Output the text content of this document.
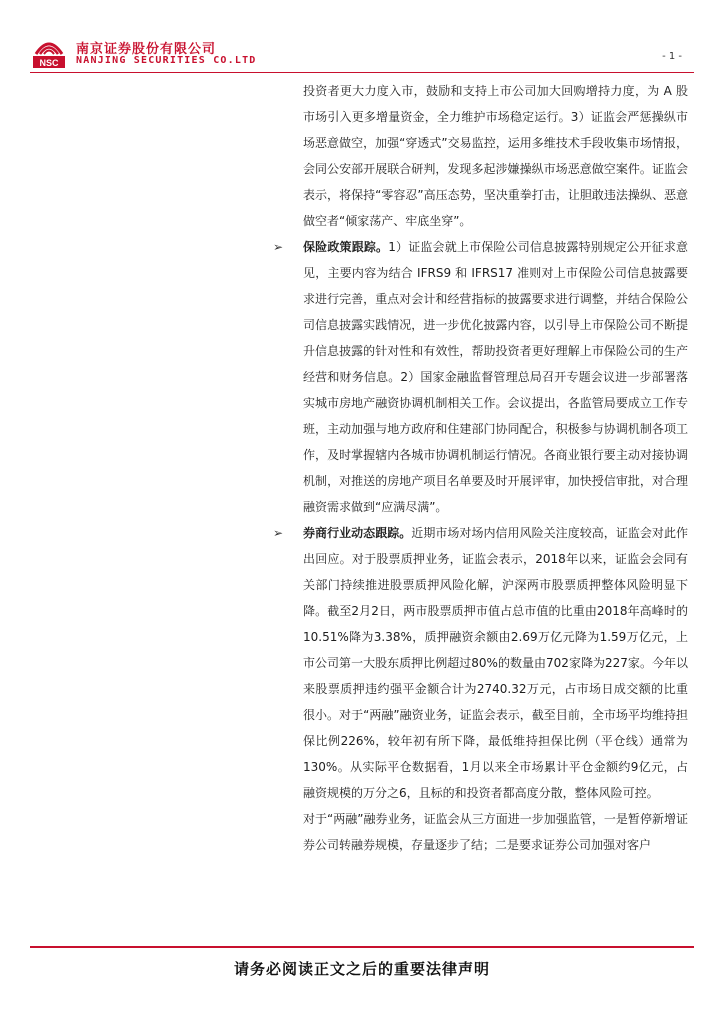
NSC
南京证券股份有限公司
NANJING SECURITIES CO.LTD	- 1 -

投资者更大力度入市，鼓励和支持上市公司加大回购增持力度，为 A 股市场引入更多增量资金，全力维护市场稳定运行。3）证监会严惩操纵市场恶意做空，加强“穿透式”交易监控，运用多维技术手段收集市场情报，会同公安部开展联合研判，发现多起涉嫌操纵市场恶意做空案件。证监会表示，将保持“零容忍”高压态势，坚决重拳打击，让胆敢违法操纵、恶意做空者“倾家荡产、牢底坐穿”。

➢	保险政策跟踪。1）证监会就上市保险公司信息披露特别规定公开征求意见，主要内容为结合 IFRS9 和 IFRS17 准则对上市保险公司信息披露要求进行完善，重点对会计和经营指标的披露要求进行调整，并结合保险公司信息披露实践情况，进一步优化披露内容，以引导上市保险公司不断提升信息披露的针对性和有效性，帮助投资者更好理解上市保险公司的生产经营和财务信息。2）国家金融监督管理总局召开专题会议进一步部署落实城市房地产融资协调机制相关工作。会议提出，各监管局要成立工作专班，主动加强与地方政府和住建部门协同配合，积极参与协调机制各项工作，及时掌握辖内各城市协调机制运行情况。各商业银行要主动对接协调机制，对推送的房地产项目名单要及时开展评审，加快授信审批，对合理融资需求做到“应满尽满”。

➢	券商行业动态跟踪。近期市场对场内信用风险关注度较高，证监会对此作出回应。对于股票质押业务，证监会表示，2018年以来，证监会会同有关部门持续推进股票质押风险化解，沪深两市股票质押整体风险明显下降。截至2月2日，两市股票质押市值占总市值的比重由2018年高峰时的10.51%降为3.38%，质押融资余额由2.69万亿元降为1.59万亿元，上市公司第一大股东质押比例超过80%的数量由702家降为227家。今年以来股票质押违约强平金额合计为2740.32万元，占市场日成交额的比重很小。对于“两融”融资业务，证监会表示，截至目前，全市场平均维持担保比例226%，较年初有所下降，最低维持担保比例（平仓线）通常为130%。从实际平仓数据看，1月以来全市场累计平仓金额约9亿元，占融资规模的万分之6，且标的和投资者都高度分散，整体风险可控。

对于“两融”融券业务，证监会从三方面进一步加强监管，一是暂停新增证券公司转融券规模，存量逐步了结；二是要求证券公司加强对客户

请务必阅读正文之后的重要法律声明
